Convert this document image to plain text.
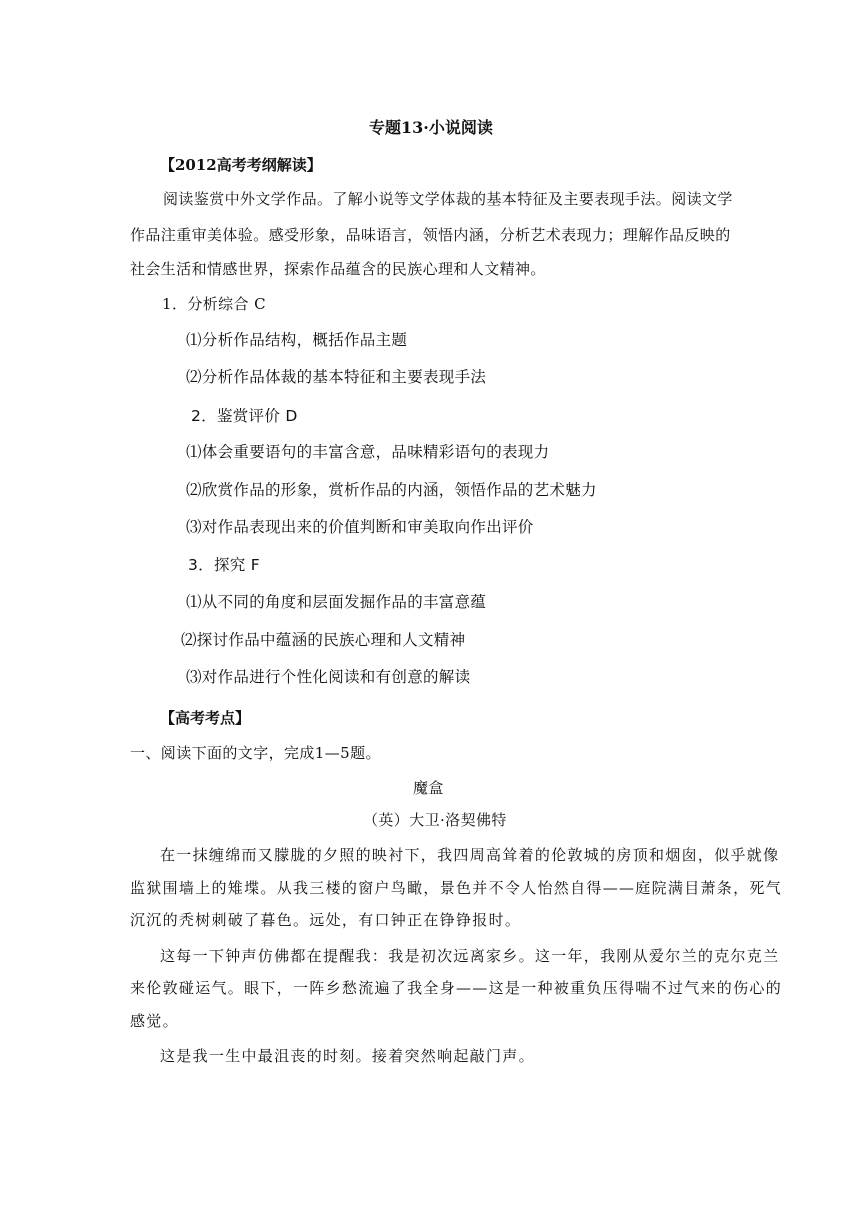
专题13·小说阅读
【2012高考考纲解读】
阅读鉴赏中外文学作品。了解小说等文学体裁的基本特征及主要表现手法。阅读文学
作品注重审美体验。感受形象，品味语言，领悟内涵，分析艺术表现力；理解作品反映的
社会生活和情感世界，探索作品蕴含的民族心理和人文精神。
1．分析综合 C
⑴分析作品结构，概括作品主题
⑵分析作品体裁的基本特征和主要表现手法
2．鉴赏评价 D
⑴体会重要语句的丰富含意，品味精彩语句的表现力
⑵欣赏作品的形象，赏析作品的内涵，领悟作品的艺术魅力
⑶对作品表现出来的价值判断和审美取向作出评价
3．探究 F
⑴从不同的角度和层面发掘作品的丰富意蕴
⑵探讨作品中蕴涵的民族心理和人文精神
⑶对作品进行个性化阅读和有创意的解读
【高考考点】
一、阅读下面的文字，完成1—5题。
魔盒
（英）大卫·洛契佛特
在一抹缠绵而又朦胧的夕照的映衬下，我四周高耸着的伦敦城的房顶和烟囱，似乎就像
监狱围墙上的雉堞。从我三楼的窗户鸟瞰，景色并不令人怡然自得——庭院满目萧条，死气
沉沉的秃树刺破了暮色。远处，有口钟正在铮铮报时。
这每一下钟声仿佛都在提醒我：我是初次远离家乡。这一年，我刚从爱尔兰的克尔克兰
来伦敦碰运气。眼下，一阵乡愁流遍了我全身——这是一种被重负压得喘不过气来的伤心的
感觉。
这是我一生中最沮丧的时刻。接着突然响起敲门声。
